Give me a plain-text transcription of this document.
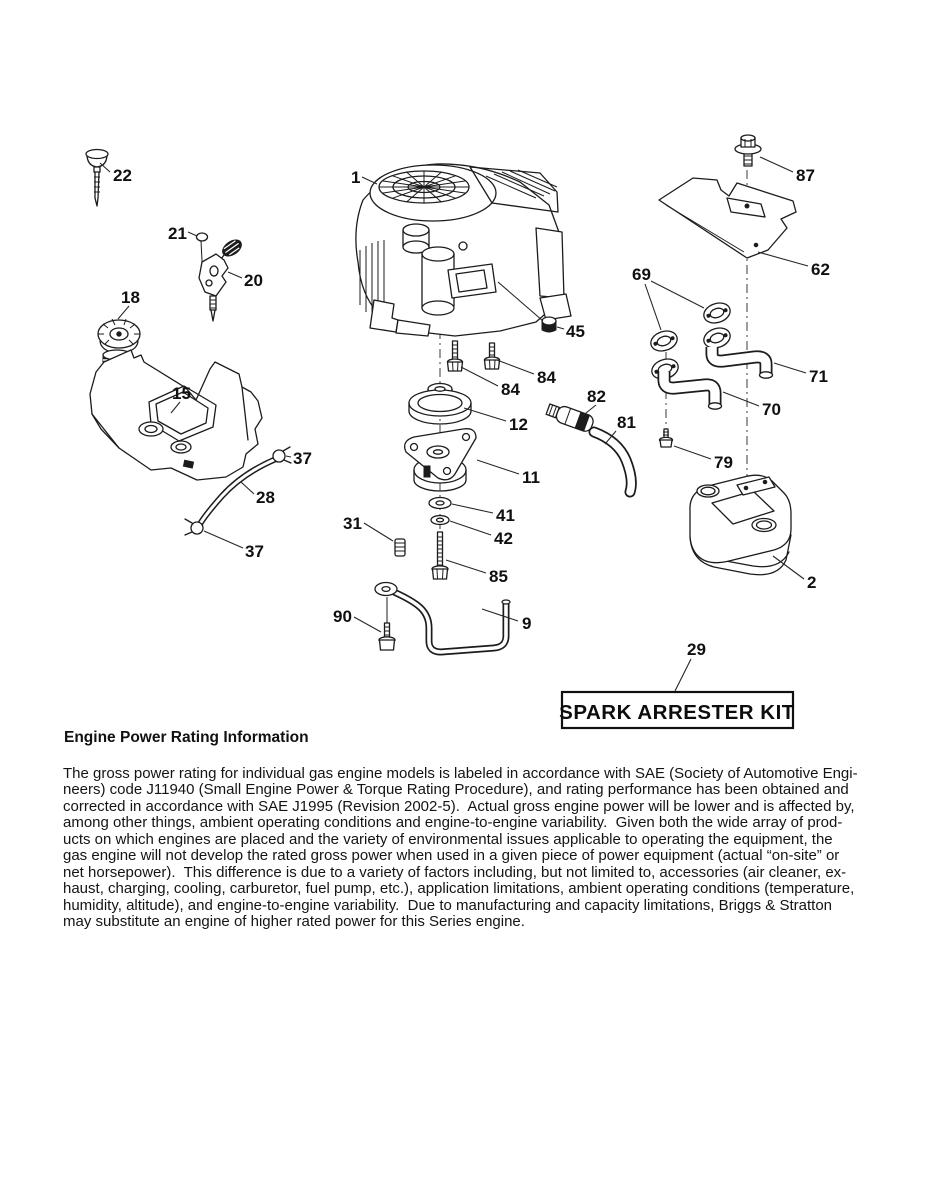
SPARK ARRESTER KIT
22
21
20
18
15
37
28
37
1
45
84
84
12
11
41
42
31
85
90	9
87
62
69
71
70
79
82
81
2
29
Engine Power Rating Information
The gross power rating for individual gas engine models is labeled in accordance with SAE (Society of Automotive Engi-
neers) code J11940 (Small Engine Power & Torque Rating Procedure), and rating performance has been obtained and
corrected in accordance with SAE J1995 (Revision 2002-5).  Actual gross engine power will be lower and is affected by,
among other things, ambient operating conditions and engine-to-engine variability.  Given both the wide array of prod-
ucts on which engines are placed and the variety of environmental issues applicable to operating the equipment, the
gas engine will not develop the rated gross power when used in a given piece of power equipment (actual “on-site” or
net horsepower).  This difference is due to a variety of factors including, but not limited to, accessories (air cleaner, ex-
haust, charging, cooling, carburetor, fuel pump, etc.), application limitations, ambient operating conditions (temperature,
humidity, altitude), and engine-to-engine variability.  Due to manufacturing and capacity limitations, Briggs & Stratton
may substitute an engine of higher rated power for this Series engine.
